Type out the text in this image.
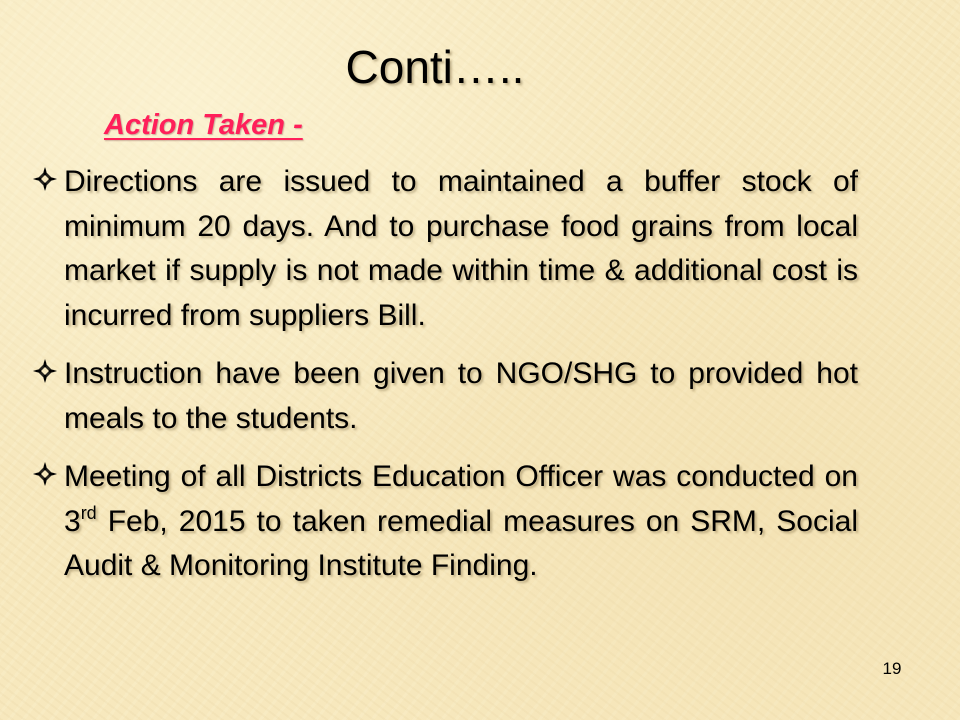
Conti…..
Action Taken -
Directions are issued to maintained a buffer stock of minimum 20 days. And to purchase food grains from local market if supply is not made within time & additional cost is incurred from suppliers Bill.
Instruction have been given to NGO/SHG to provided hot meals to the students.
Meeting of all Districts Education Officer was conducted on 3rd Feb, 2015 to taken remedial measures on SRM, Social Audit & Monitoring Institute Finding.
19
